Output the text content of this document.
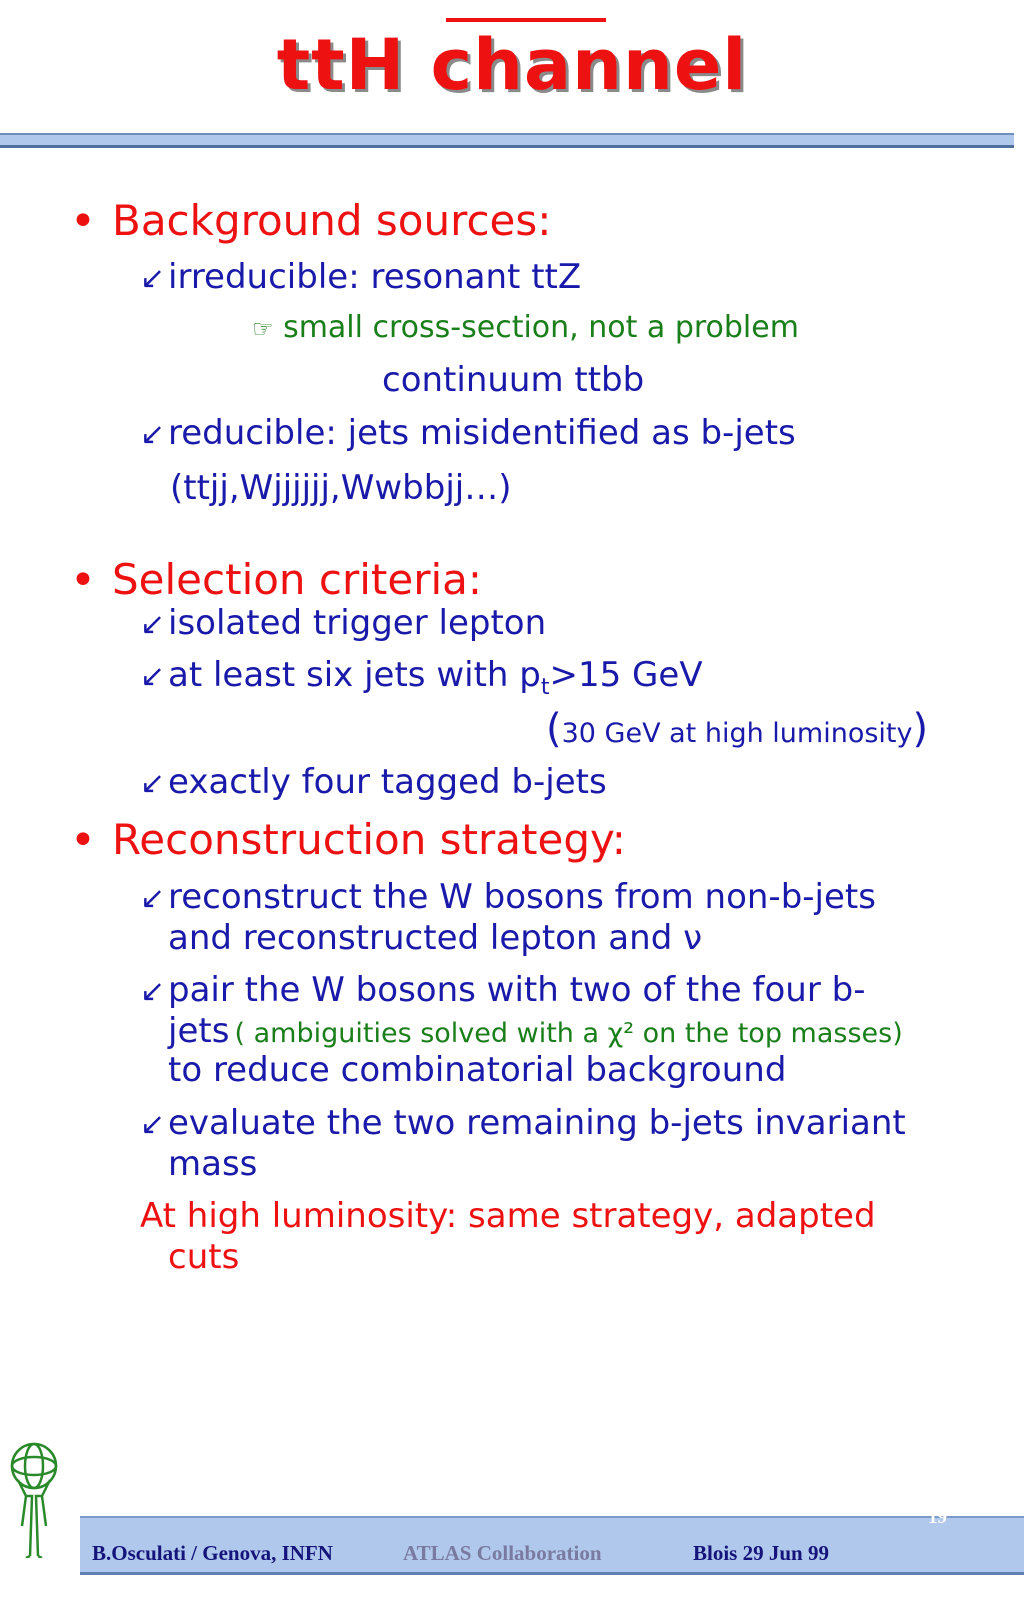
ttH channel
• Background sources:
↙irreducible: resonant ttZ
☞ small cross-section, not a problem
continuum ttbb
↙reducible: jets misidentified as b-jets
(ttjj,Wjjjjjj,Wwbbjj…)
• Selection criteria:
↙isolated trigger lepton
↙at least six jets with $p_t>15$ GeV
(30 GeV at high luminosity)
↙exactly four tagged b-jets
• Reconstruction strategy:
↙reconstruct the W bosons from non-b-jets
and reconstructed lepton and ν
↙pair the W bosons with two of the four b-
jets ( ambiguities solved with a χ² on the top masses)
to reduce combinatorial background
↙evaluate the two remaining b-jets invariant
mass
At high luminosity: same strategy, adapted
cuts
B.Osculati / Genova, INFN	ATLAS Collaboration	Blois 29 Jun 99
19
